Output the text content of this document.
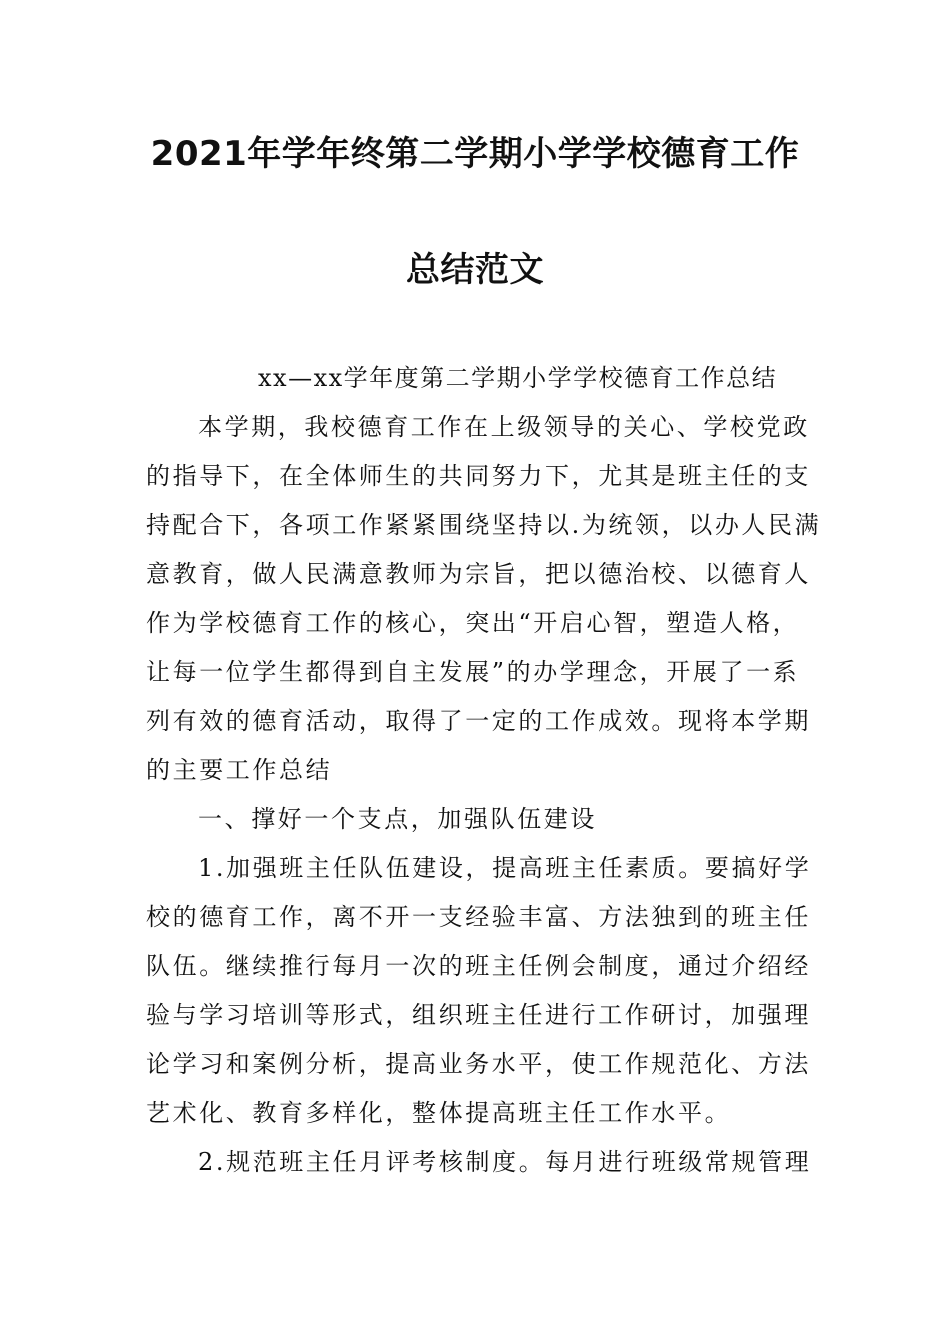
2021年学年终第二学期小学学校德育工作
总结范文
xx—xx学年度第二学期小学学校德育工作总结
本学期，我校德育工作在上级领导的关心、学校党政
的指导下，在全体师生的共同努力下，尤其是班主任的支
持配合下，各项工作紧紧围绕坚持以.为统领，以办人民满
意教育，做人民满意教师为宗旨，把以德治校、以德育人
作为学校德育工作的核心，突出“开启心智，塑造人格，
让每一位学生都得到自主发展”的办学理念，开展了一系
列有效的德育活动，取得了一定的工作成效。现将本学期
的主要工作总结
一、撑好一个支点，加强队伍建设
1.加强班主任队伍建设，提高班主任素质。要搞好学
校的德育工作，离不开一支经验丰富、方法独到的班主任
队伍。继续推行每月一次的班主任例会制度，通过介绍经
验与学习培训等形式，组织班主任进行工作研讨，加强理
论学习和案例分析，提高业务水平，使工作规范化、方法
艺术化、教育多样化，整体提高班主任工作水平。
2.规范班主任月评考核制度。每月进行班级常规管理
